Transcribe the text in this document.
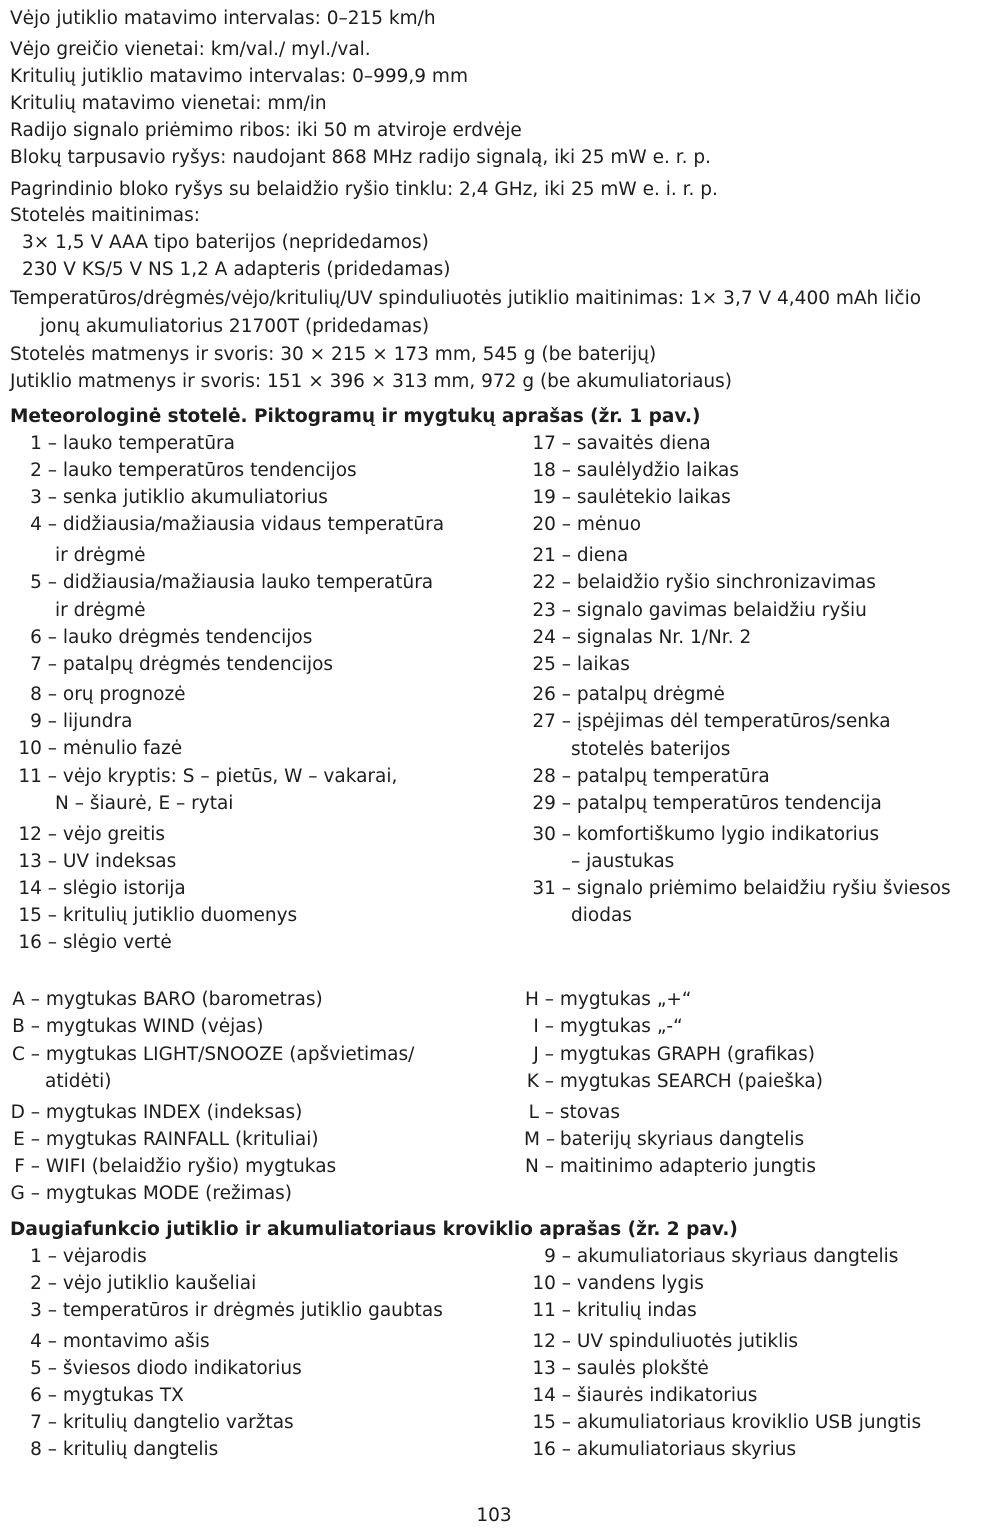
Vėjo jutiklio matavimo intervalas: 0–215 km/h
Vėjo greičio vienetai: km/val./ myl./val.
Kritulių jutiklio matavimo intervalas: 0–999,9 mm
Kritulių matavimo vienetai: mm/in
Radijo signalo priėmimo ribos: iki 50 m atviroje erdvėje
Blokų tarpusavio ryšys: naudojant 868 MHz radijo signalą, iki 25 mW e. r. p.
Pagrindinio bloko ryšys su belaidžio ryšio tinklu: 2,4 GHz, iki 25 mW e. i. r. p.
Stotelės maitinimas:
3× 1,5 V AAA tipo baterijos (nepridedamos)
230 V KS/5 V NS 1,2 A adapteris (pridedamas)
Temperatūros/drėgmės/vėjo/kritulių/UV spinduliuotės jutiklio maitinimas: 1× 3,7 V 4,400 mAh ličio
jonų akumuliatorius 21700T (pridedamas)
Stotelės matmenys ir svoris: 30 × 215 × 173 mm, 545 g (be baterijų)
Jutiklio matmenys ir svoris: 151 × 396 × 313 mm, 972 g (be akumuliatoriaus)
Meteorologinė stotelė. Piktogramų ir mygtukų aprašas (žr. 1 pav.)
1 – lauko temperatūra
2 – lauko temperatūros tendencijos
3 – senka jutiklio akumuliatorius
4 – didžiausia/mažiausia vidaus temperatūra
ir drėgmė
5 – didžiausia/mažiausia lauko temperatūra
ir drėgmė
6 – lauko drėgmės tendencijos
7 – patalpų drėgmės tendencijos
8 – orų prognozė
9 – lijundra
10 – mėnulio fazė
11 – vėjo kryptis: S – pietūs, W – vakarai,
N – šiaurė, E – rytai
12 – vėjo greitis
13 – UV indeksas
14 – slėgio istorija
15 – kritulių jutiklio duomenys
16 – slėgio vertė
17 – savaitės diena
18 – saulėlydžio laikas
19 – saulėtekio laikas
20 – mėnuo
21 – diena
22 – belaidžio ryšio sinchronizavimas
23 – signalo gavimas belaidžiu ryšiu
24 – signalas Nr. 1/Nr. 2
25 – laikas
26 – patalpų drėgmė
27 – įspėjimas dėl temperatūros/senka
stotelės baterijos
28 – patalpų temperatūra
29 – patalpų temperatūros tendencija
30 – komfortiškumo lygio indikatorius
– jaustukas
31 – signalo priėmimo belaidžiu ryšiu šviesos
diodas
A – mygtukas BARO (barometras)
B – mygtukas WIND (vėjas)
C – mygtukas LIGHT/SNOOZE (apšvietimas/
atidėti)
D – mygtukas INDEX (indeksas)
E – mygtukas RAINFALL (krituliai)
F – WIFI (belaidžio ryšio) mygtukas
G – mygtukas MODE (režimas)
H – mygtukas „+“
I – mygtukas „-“
J – mygtukas GRAPH (grafikas)
K – mygtukas SEARCH (paieška)
L – stovas
M – baterijų skyriaus dangtelis
N – maitinimo adapterio jungtis
Daugiafunkcio jutiklio ir akumuliatoriaus kroviklio aprašas (žr. 2 pav.)
1 – vėjarodis
2 – vėjo jutiklio kaušeliai
3 – temperatūros ir drėgmės jutiklio gaubtas
4 – montavimo ašis
5 – šviesos diodo indikatorius
6 – mygtukas TX
7 – kritulių dangtelio varžtas
8 – kritulių dangtelis
9 – akumuliatoriaus skyriaus dangtelis
10 – vandens lygis
11 – kritulių indas
12 – UV spinduliuotės jutiklis
13 – saulės plokštė
14 – šiaurės indikatorius
15 – akumuliatoriaus kroviklio USB jungtis
16 – akumuliatoriaus skyrius
103
